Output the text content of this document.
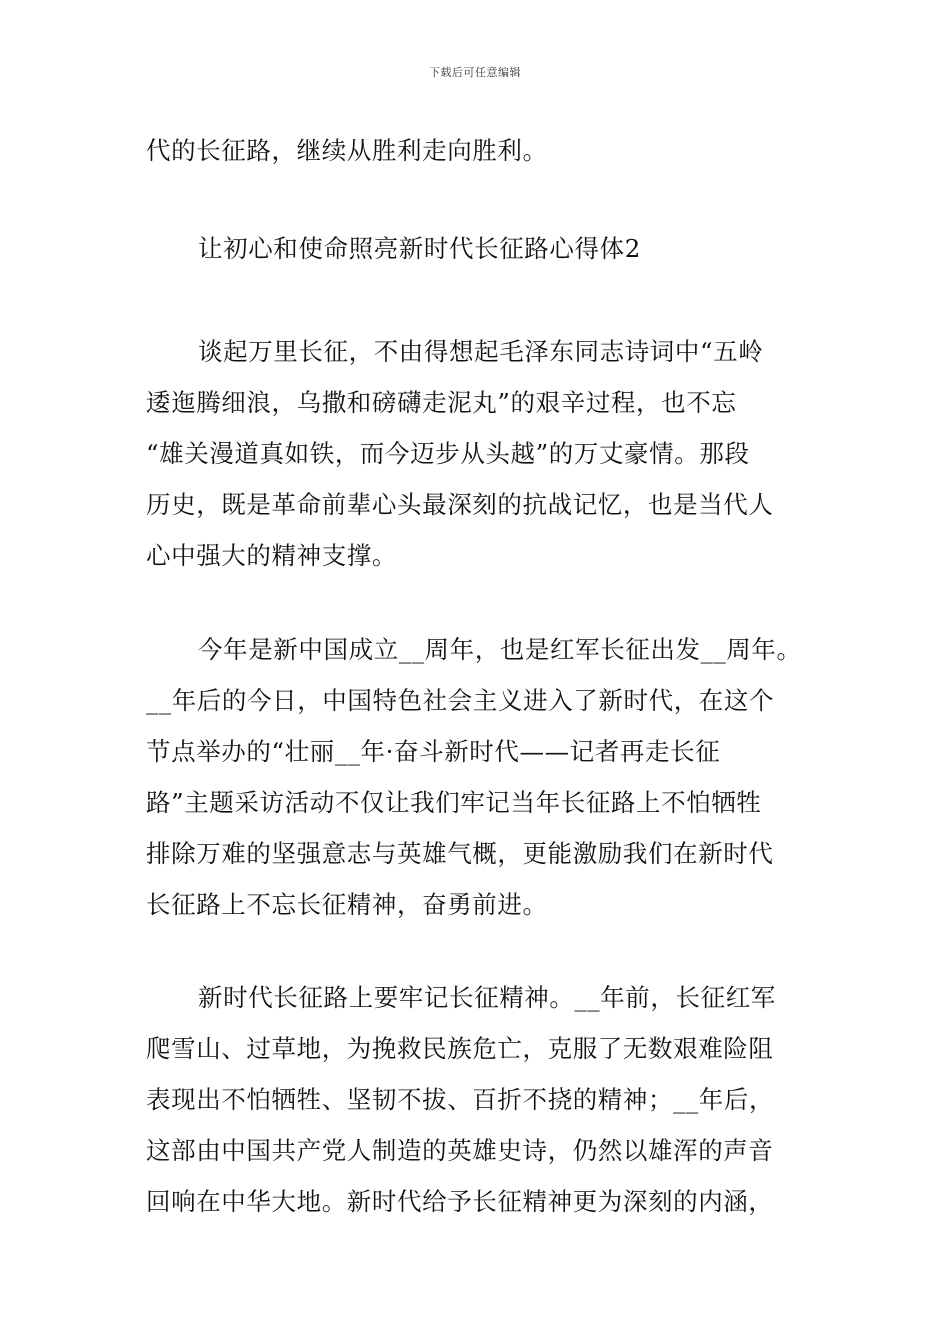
下载后可任意编辑
代的长征路，继续从胜利走向胜利。
让初心和使命照亮新时代长征路心得体2
谈起万里长征，不由得想起毛泽东同志诗词中“五岭
逶迤腾细浪，乌撒和磅礴走泥丸”的艰辛过程，也不忘
“雄关漫道真如铁，而今迈步从头越”的万丈豪情。那段
历史，既是革命前辈心头最深刻的抗战记忆，也是当代人
心中强大的精神支撑。
今年是新中国成立__周年，也是红军长征出发__周年。
__年后的今日，中国特色社会主义进入了新时代，在这个
节点举办的“壮丽__年·奋斗新时代——记者再走长征
路”主题采访活动不仅让我们牢记当年长征路上不怕牺牲
排除万难的坚强意志与英雄气概，更能激励我们在新时代
长征路上不忘长征精神，奋勇前进。
新时代长征路上要牢记长征精神。__年前，长征红军
爬雪山、过草地，为挽救民族危亡，克服了无数艰难险阻
表现出不怕牺牲、坚韧不拔、百折不挠的精神；__年后，
这部由中国共产党人制造的英雄史诗，仍然以雄浑的声音
回响在中华大地。新时代给予长征精神更为深刻的内涵，
